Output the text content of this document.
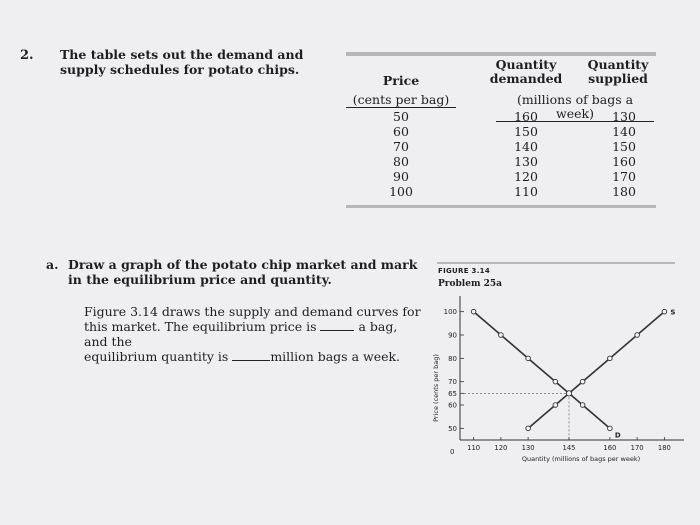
2. The table sets out the demand and supply schedules for potato chips.
Price
Quantity demanded
Quantity supplied
(cents per bag)	(millions of bags a week)
50	160	130
60	150	140
70	140	150
80	130	160
90	120	170
100	110	180
a. Draw a graph of the potato chip market and mark in the equilibrium price and quantity.
Figure 3.14 draws the supply and demand curves for this market. The equilibrium price is	a bag, and the
equilibrium quantity is	million bags a week.
FIGURE 3.14
Problem 25a
0
50
60
65
70
80
90
100
110 120 130	145	160 170 180
Price (cents per bag)
Quantity (millions of bags per week)
S
D
